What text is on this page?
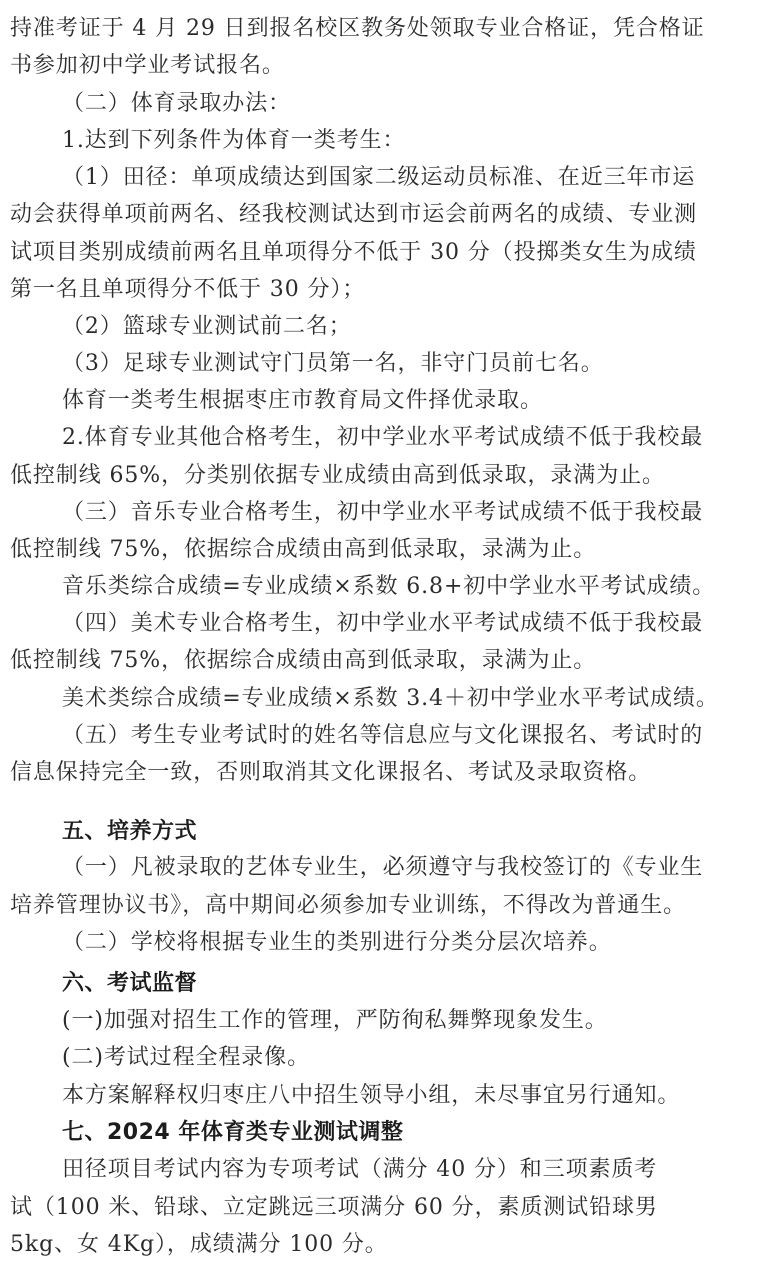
持准考证于 4 月 29 日到报名校区教务处领取专业合格证，凭合格证
书参加初中学业考试报名。
（二）体育录取办法：
1.达到下列条件为体育一类考生：
（1）田径：单项成绩达到国家二级运动员标准、在近三年市运
动会获得单项前两名、经我校测试达到市运会前两名的成绩、专业测
试项目类别成绩前两名且单项得分不低于 30 分（投掷类女生为成绩
第一名且单项得分不低于 30 分）；
（2）篮球专业测试前二名；
（3）足球专业测试守门员第一名，非守门员前七名。
体育一类考生根据枣庄市教育局文件择优录取。
2.体育专业其他合格考生，初中学业水平考试成绩不低于我校最
低控制线 65%，分类别依据专业成绩由高到低录取，录满为止。
（三）音乐专业合格考生，初中学业水平考试成绩不低于我校最
低控制线 75%，依据综合成绩由高到低录取，录满为止。
音乐类综合成绩=专业成绩×系数 6.8+初中学业水平考试成绩。
（四）美术专业合格考生，初中学业水平考试成绩不低于我校最
低控制线 75%，依据综合成绩由高到低录取，录满为止。
美术类综合成绩=专业成绩×系数 3.4＋初中学业水平考试成绩。
（五）考生专业考试时的姓名等信息应与文化课报名、考试时的
信息保持完全一致，否则取消其文化课报名、考试及录取资格。
五、培养方式
（一）凡被录取的艺体专业生，必须遵守与我校签订的《专业生
培养管理协议书》，高中期间必须参加专业训练，不得改为普通生。
（二）学校将根据专业生的类别进行分类分层次培养。
六、考试监督
(一)加强对招生工作的管理，严防徇私舞弊现象发生。
(二)考试过程全程录像。
本方案解释权归枣庄八中招生领导小组，未尽事宜另行通知。
七、2024 年体育类专业测试调整
田径项目考试内容为专项考试（满分 40 分）和三项素质考
试（100 米、铅球、立定跳远三项满分 60 分，素质测试铅球男
5kg、女 4Kg），成绩满分 100 分。
